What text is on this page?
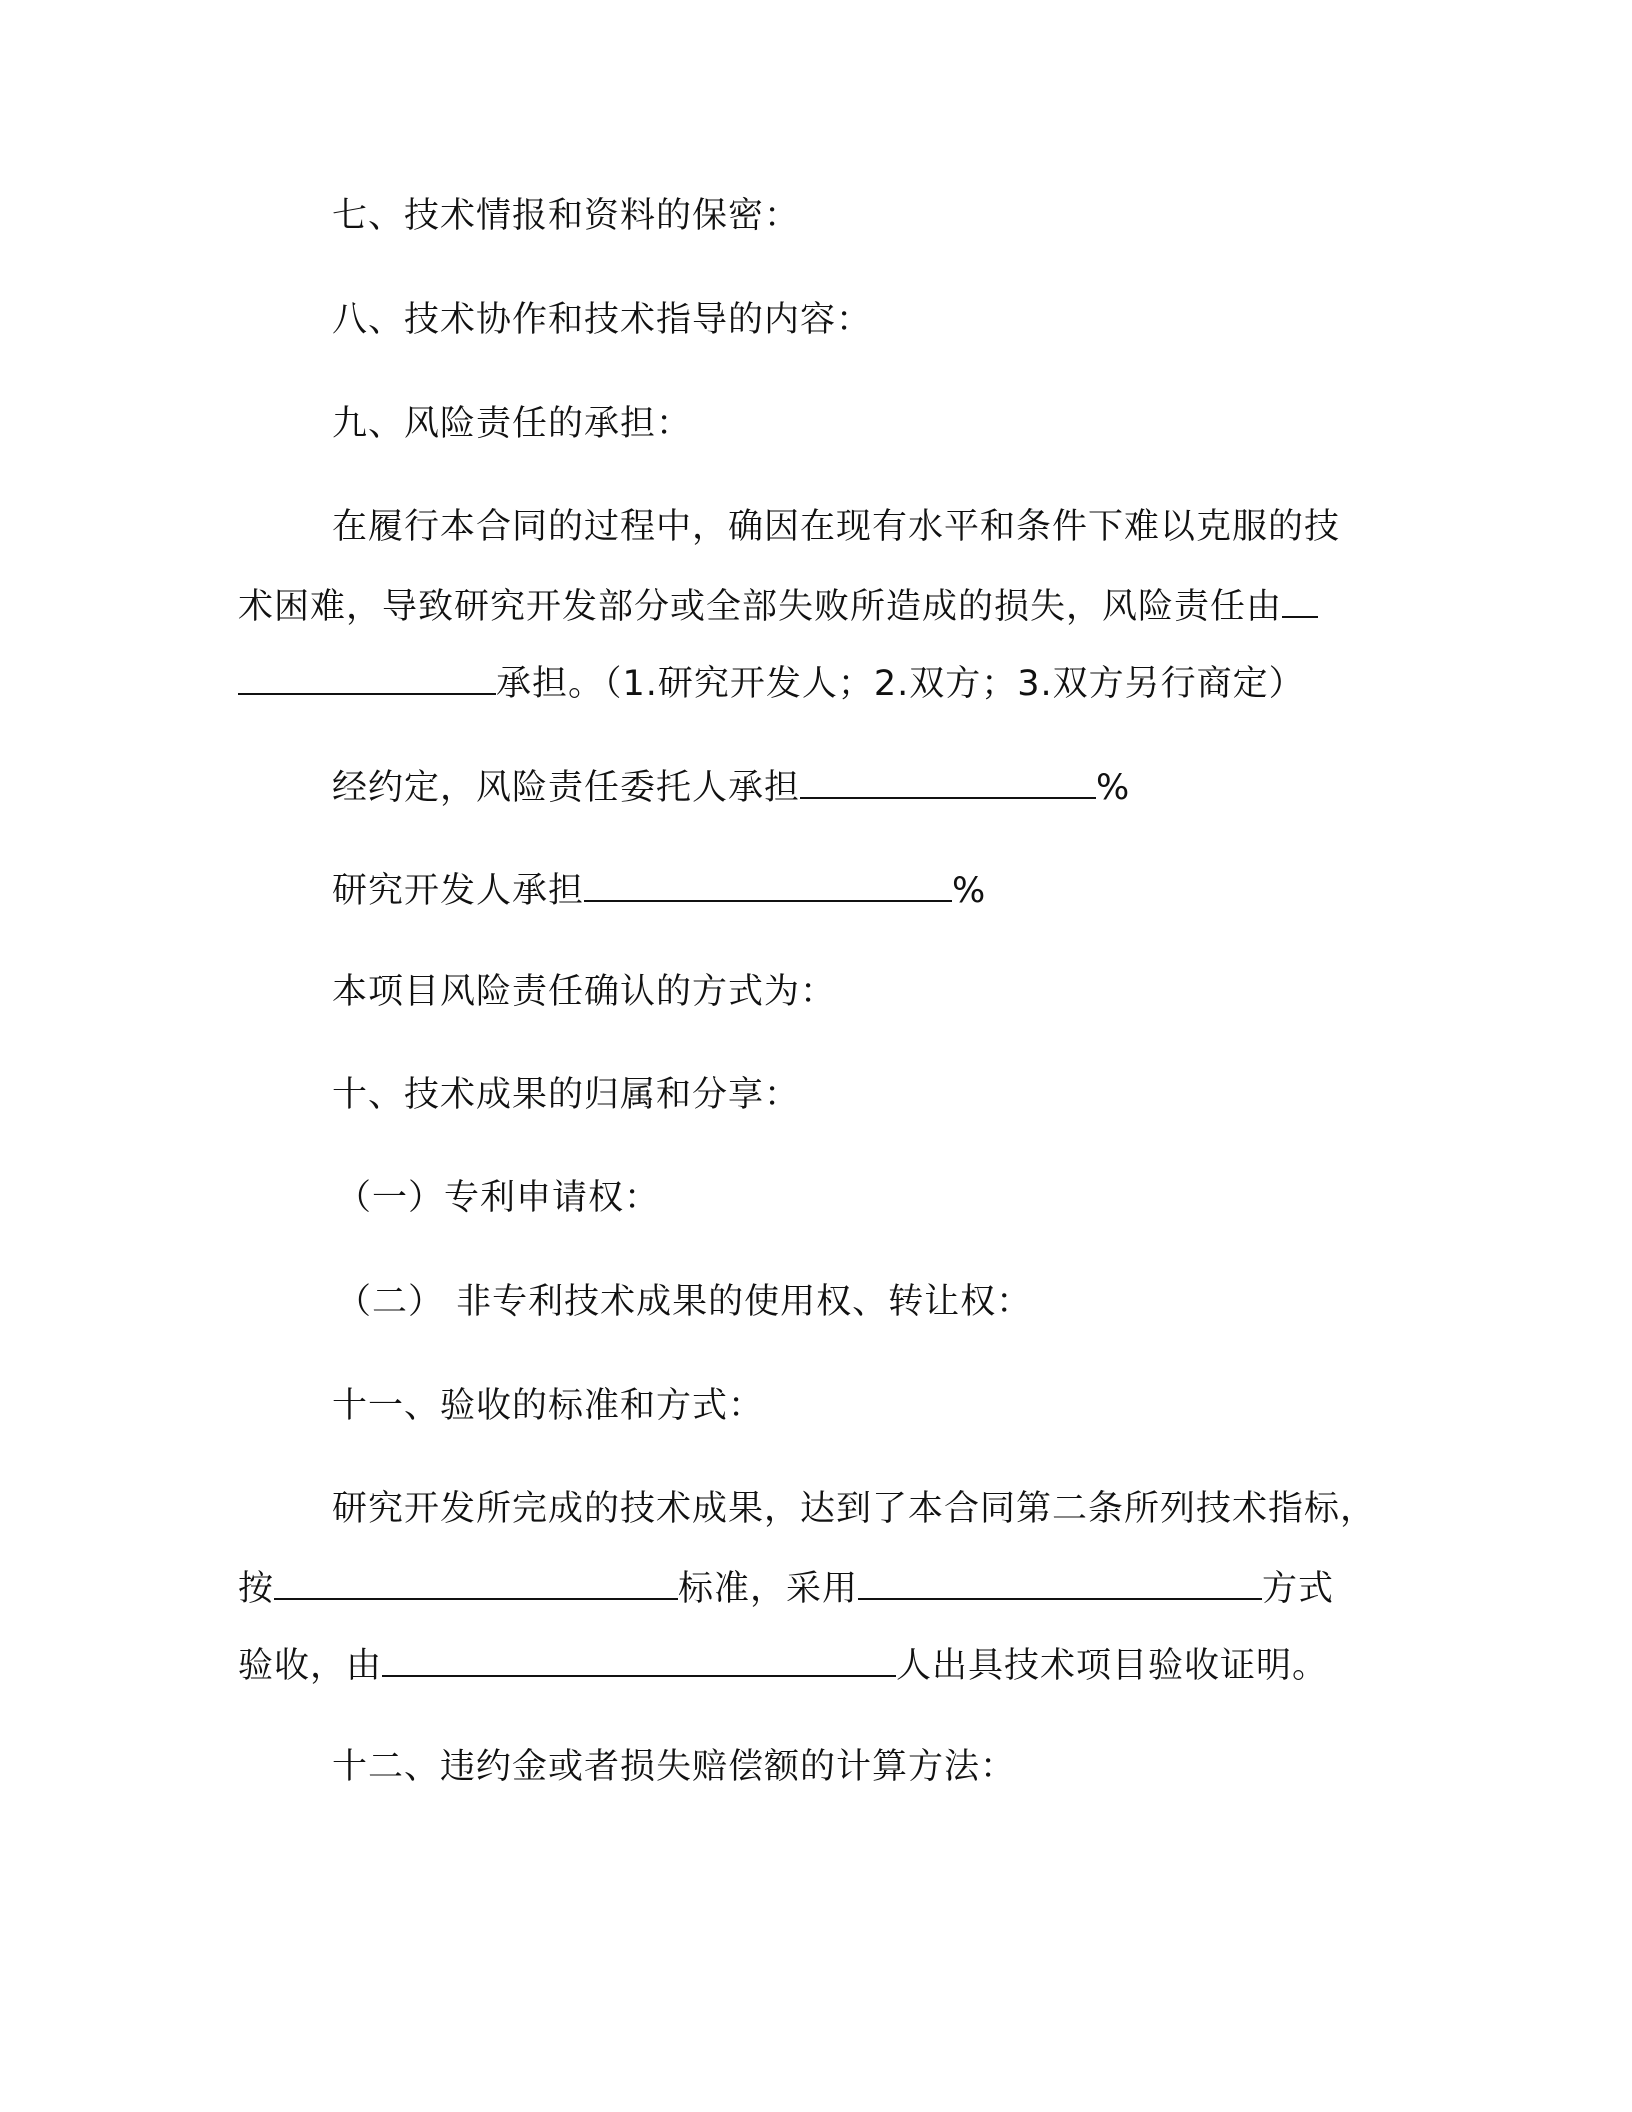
七、技术情报和资料的保密：
八、技术协作和技术指导的内容：
九、风险责任的承担：
在履行本合同的过程中，确因在现有水平和条件下难以克服的技
术困难，导致研究开发部分或全部失败所造成的损失，风险责任由
承担。（1.研究开发人；2.双方；3.双方另行商定）
经约定，风险责任委托人承担	%
研究开发人承担	%
本项目风险责任确认的方式为：
十、技术成果的归属和分享：
（一）专利申请权：
（二） 非专利技术成果的使用权、转让权：
十一、验收的标准和方式：
研究开发所完成的技术成果，达到了本合同第二条所列技术指标，
按	标准，采用	方式
验收，由	人出具技术项目验收证明。
十二、违约金或者损失赔偿额的计算方法：
